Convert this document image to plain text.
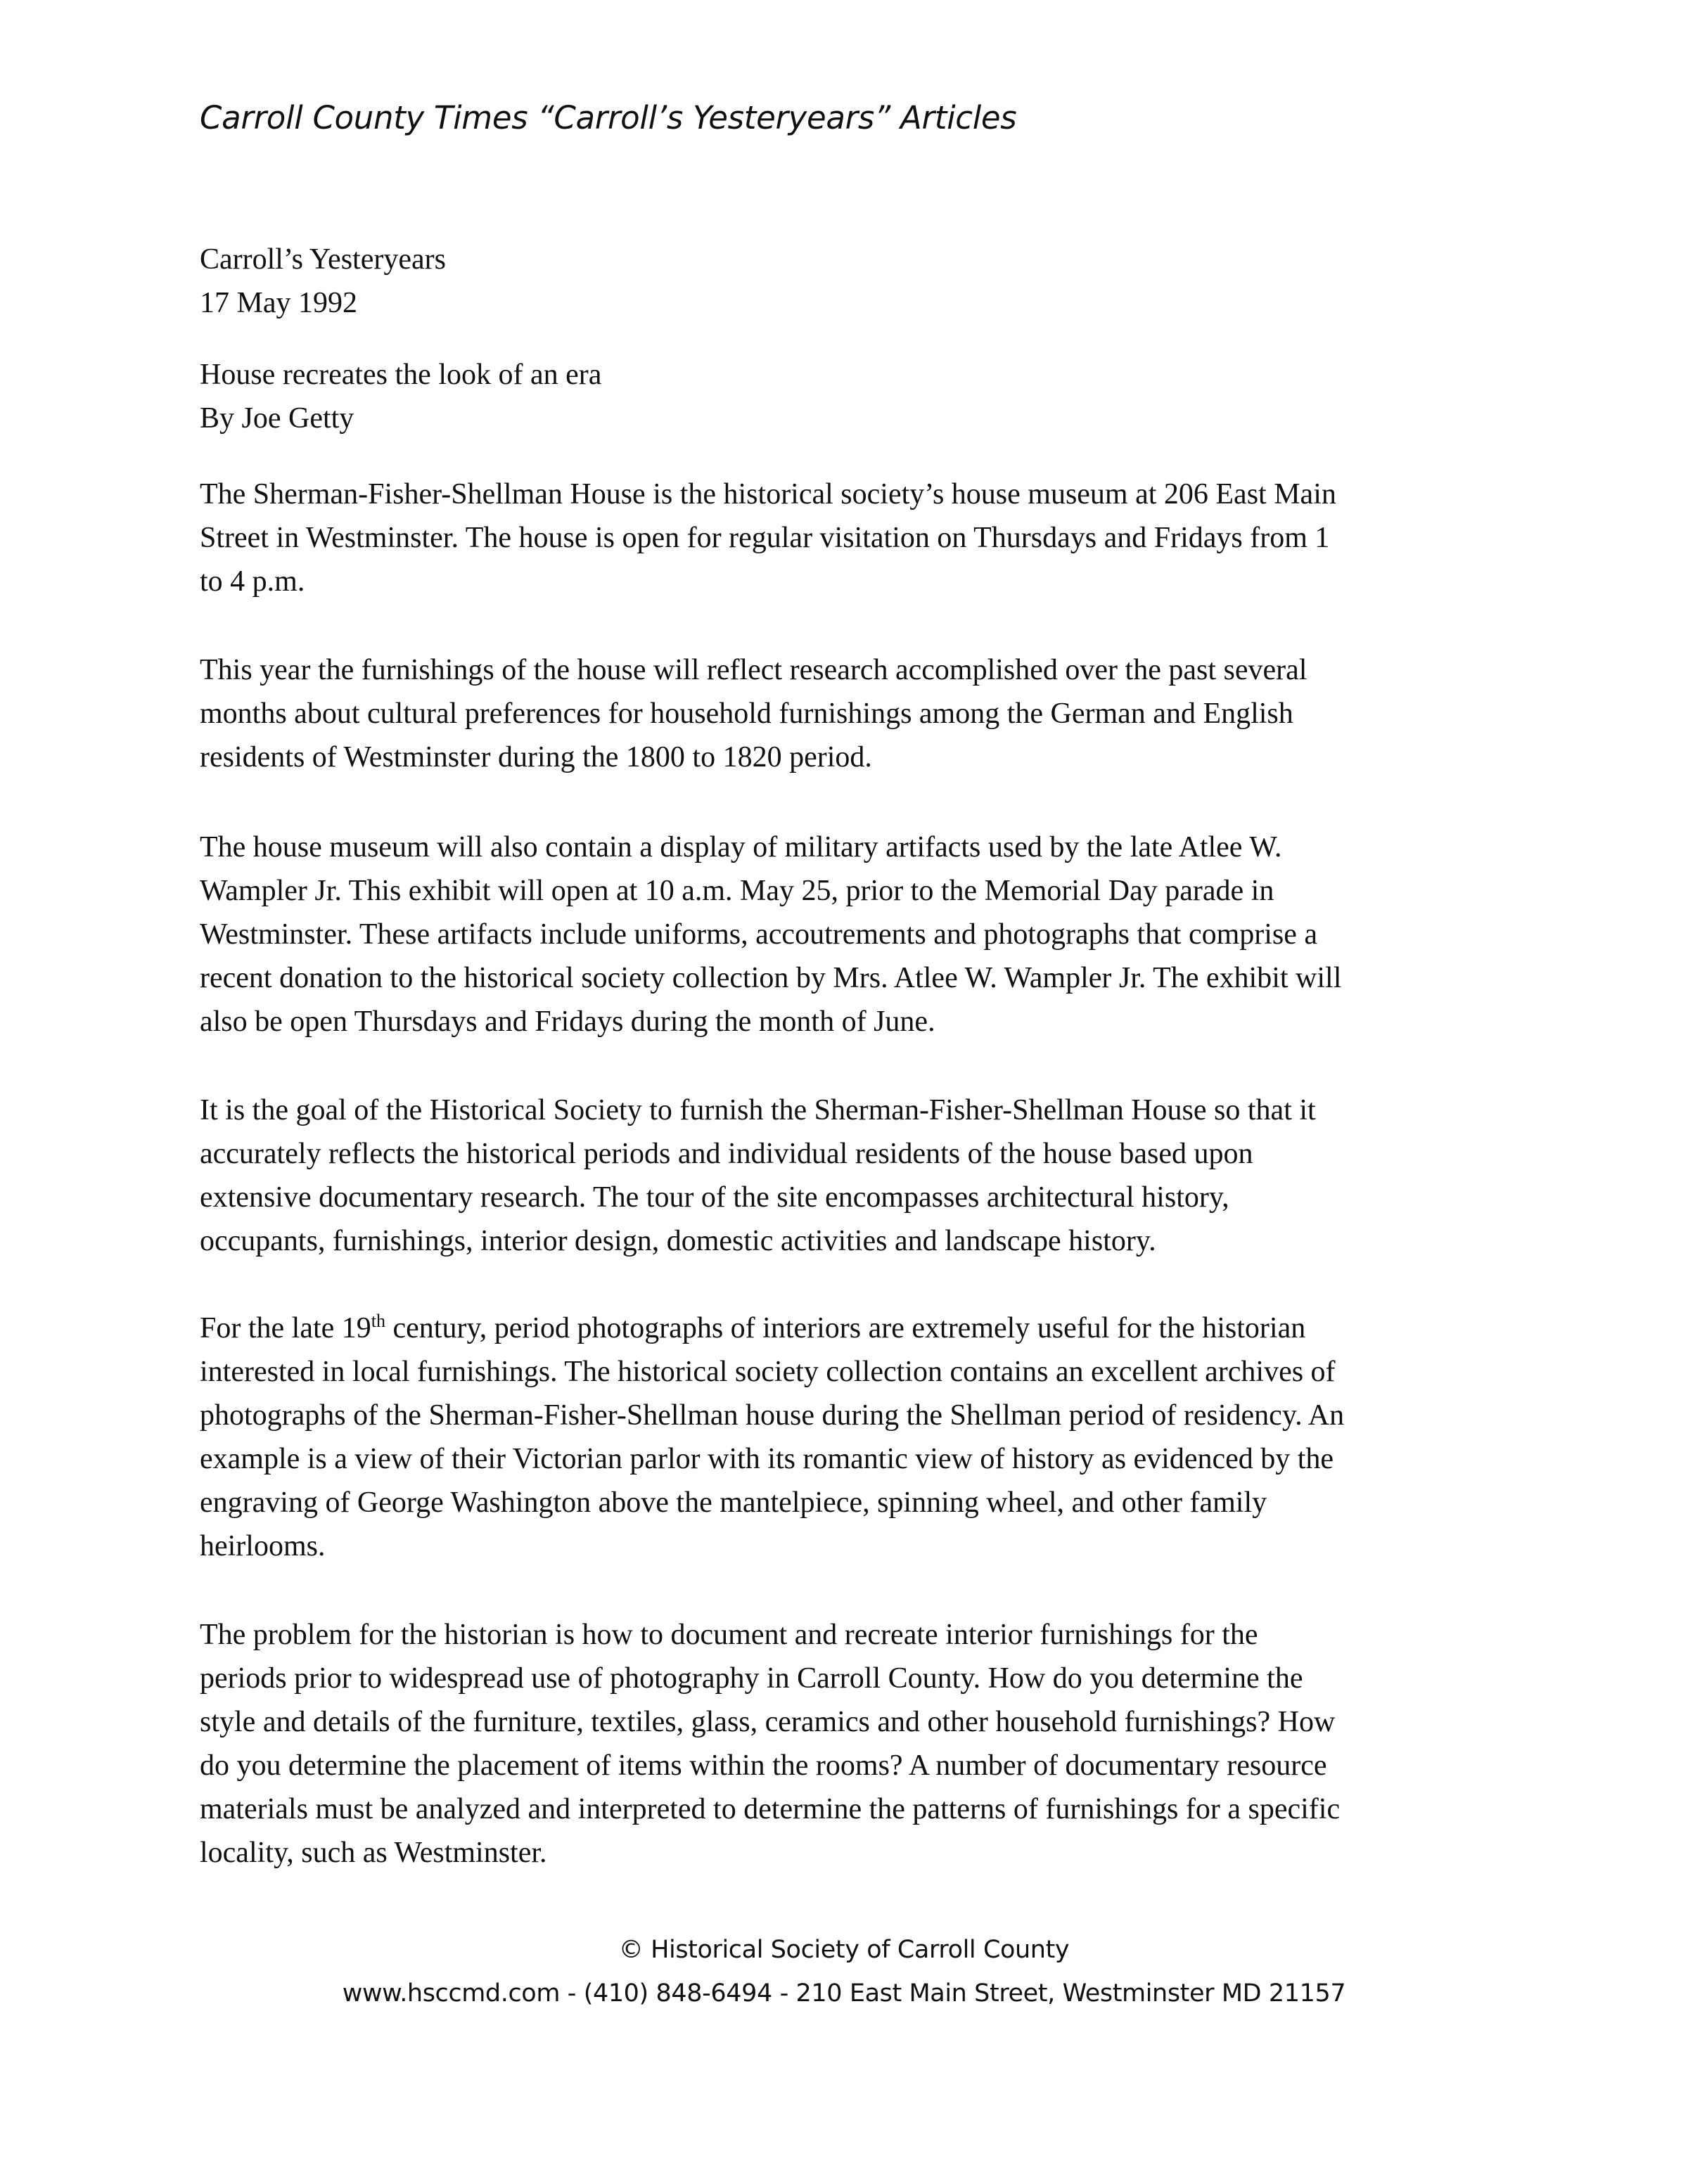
Carroll County Times “Carroll’s Yesteryears” Articles
Carroll’s Yesteryears
17 May 1992
House recreates the look of an era
By Joe Getty
The Sherman-Fisher-Shellman House is the historical society’s house museum at 206 East Main
Street in Westminster. The house is open for regular visitation on Thursdays and Fridays from 1
to 4 p.m.
This year the furnishings of the house will reflect research accomplished over the past several
months about cultural preferences for household furnishings among the German and English
residents of Westminster during the 1800 to 1820 period.
The house museum will also contain a display of military artifacts used by the late Atlee W.
Wampler Jr. This exhibit will open at 10 a.m. May 25, prior to the Memorial Day parade in
Westminster. These artifacts include uniforms, accoutrements and photographs that comprise a
recent donation to the historical society collection by Mrs. Atlee W. Wampler Jr. The exhibit will
also be open Thursdays and Fridays during the month of June.
It is the goal of the Historical Society to furnish the Sherman-Fisher-Shellman House so that it
accurately reflects the historical periods and individual residents of the house based upon
extensive documentary research. The tour of the site encompasses architectural history,
occupants, furnishings, interior design, domestic activities and landscape history.
For the late 19th century, period photographs of interiors are extremely useful for the historian
interested in local furnishings. The historical society collection contains an excellent archives of
photographs of the Sherman-Fisher-Shellman house during the Shellman period of residency. An
example is a view of their Victorian parlor with its romantic view of history as evidenced by the
engraving of George Washington above the mantelpiece, spinning wheel, and other family
heirlooms.
The problem for the historian is how to document and recreate interior furnishings for the
periods prior to widespread use of photography in Carroll County. How do you determine the
style and details of the furniture, textiles, glass, ceramics and other household furnishings? How
do you determine the placement of items within the rooms? A number of documentary resource
materials must be analyzed and interpreted to determine the patterns of furnishings for a specific
locality, such as Westminster.
© Historical Society of Carroll County
www.hsccmd.com - (410) 848-6494 - 210 East Main Street, Westminster MD 21157
